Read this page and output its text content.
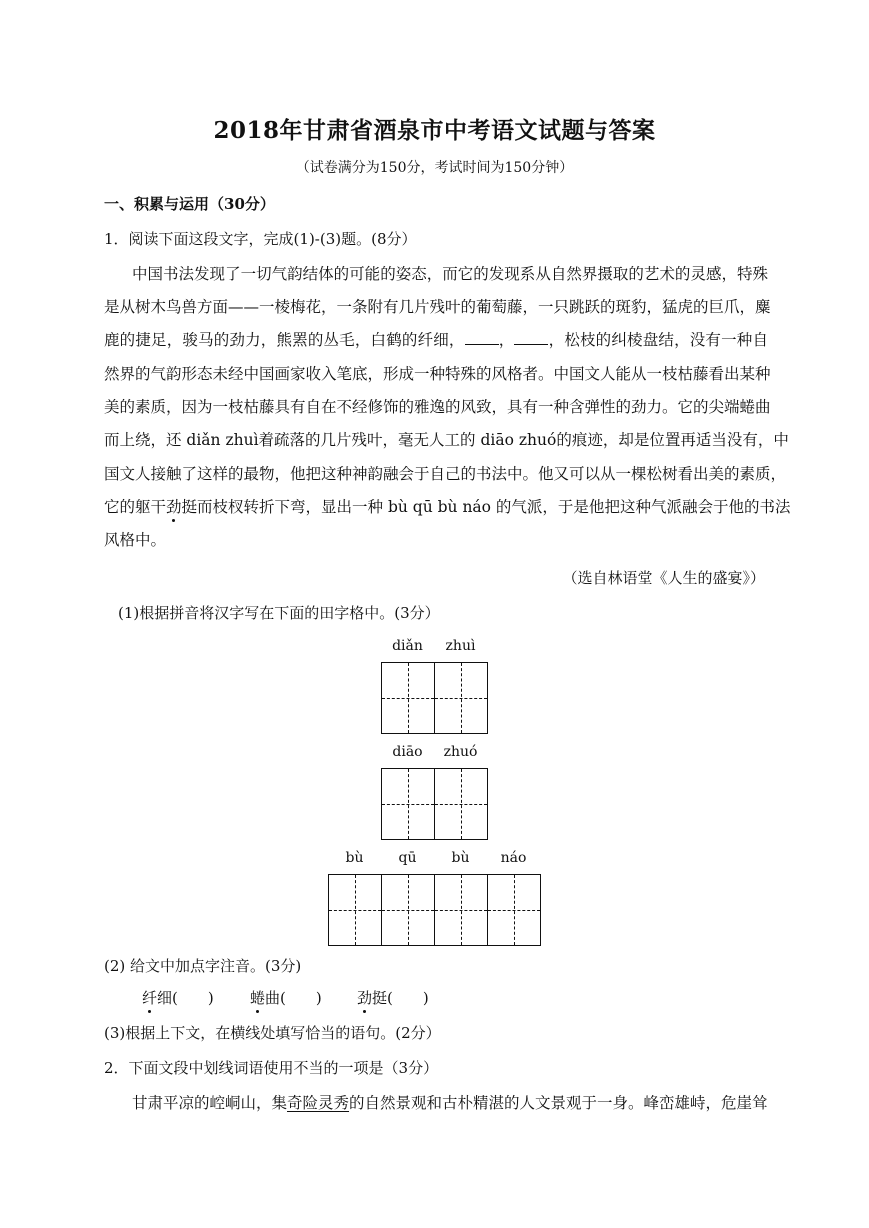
2018年甘肃省酒泉市中考语文试题与答案
（试卷满分为150分，考试时间为150分钟）
一、积累与运用（30分）
1．阅读下面这段文字，完成(1)-(3)题。(8分）
中国书法发现了一切气韵结体的可能的姿态，而它的发现系从自然界摄取的艺术的灵感，特殊
是从树木鸟兽方面——一棱梅花，一条附有几片残叶的葡萄藤，一只跳跃的斑豹，猛虎的巨爪，麋
鹿的捷足，骏马的劲力，熊罴的丛毛，白鹤的纤细， ， ，松枝的纠棱盘结，没有一种自
然界的气韵形态未经中国画家收入笔底，形成一种特殊的风格者。中国文人能从一枝枯藤看出某种
美的素质，因为一枝枯藤具有自在不经修饰的雅逸的风致，具有一种含弹性的劲力。它的尖端蜷曲
而上绕，还 diǎn zhuì着疏落的几片残叶，毫无人工的 diāo zhuó的痕迹，却是位置再适当没有，中
国文人接触了这样的最物，他把这种神韵融会于自己的书法中。他又可以从一棵松树看出美的素质，
它的躯干劲挺而枝杈转折下弯，显出一种 bù qū bù náo 的气派，于是他把这种气派融会于他的书法
风格中。
（选自林语堂《人生的盛宴》）
(1)根据拼音将汉字写在下面的田字格中。(3分）
diǎn	zhuì
diāo	zhuó
bù	qū	bù	náo
(2) 给文中加点字注音。(3分)
纤细(　　) 蜷曲(　　) 劲挺(　　)
(3)根据上下文，在横线处填写恰当的语句。(2分）
2．下面文段中划线词语使用不当的一项是（3分）
甘肃平凉的崆峒山，集奇险灵秀的自然景观和古朴精湛的人文景观于一身。峰峦雄峙，危崖耸
